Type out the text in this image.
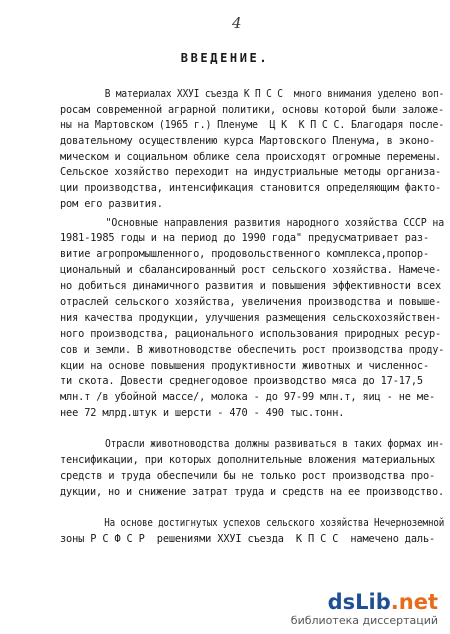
4
ВВЕДЕНИЕ.
В материалах XXУI съезда К П С С  много внимания уделено воп-
росам современной аграрной политики, основы которой были заложе-
ны на Мартовском (1965 г.) Пленуме  Ц К  К П С С. Благодаря после-
довательному осуществлению курса Мартовского Пленума, в эконо-
мическом и социальном облике села происходят огромные перемены.
Сельское хозяйство переходит на индустриальные методы организа-
ции производства, интенсификация становится определяющим факто-
ром его развития.
"Основные направления развития народного хозяйства СССР на
1981-1985 годы и на период до 1990 года" предусматривает раз-
витие агропромышленного, продовольственного комплекса,пропор-
циональный и сбалансированный рост сельского хозяйства. Намече-
но добиться динамичного развития и повышения эффективности всех
отраслей сельского хозяйства, увеличения производства и повыше-
ния качества продукции, улучшения размещения сельскохозяйствен-
ного производства, рационального использования природных ресур-
сов и земли. В животноводстве обеспечить рост производства проду-
кции на основе повышения продуктивности животных и численнос-
ти скота. Довести среднегодовое производство мяса до 17-17,5
млн.т /в убойной массе/, молока - до 97-99 млн.т, яиц - не ме-
нее 72 млрд.штук и шерсти - 470 - 490 тыс.тонн.
Отрасли животноводства должны развиваться в таких формах ин-
тенсификации, при которых дополнительные вложения материальных
средств и труда обеспечили бы не только рост производства про-
дукции, но и снижение затрат труда и средств на ее производство.
На основе достигнутых успехов сельского хозяйства Нечерноземной
зоны Р С Ф С Р  решениями XXУI съезда  К П С С  намечено даль-
dsLib.net
библиотека диссертаций
